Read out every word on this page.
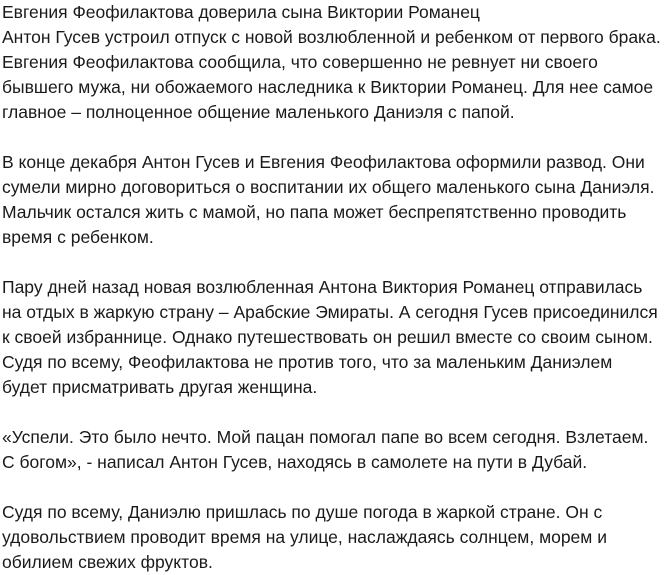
Евгения Феофилактова доверила сына Виктории Романец

Антон Гусев устроил отпуск с новой возлюбленной и ребенком от первого брака. Евгения Феофилактова сообщила, что совершенно не ревнует ни своего бывшего мужа, ни обожаемого наследника к Виктории Романец. Для нее самое главное – полноценное общение маленького Даниэля с папой.

В конце декабря Антон Гусев и Евгения Феофилактова оформили развод. Они сумели мирно договориться о воспитании их общего маленького сына Даниэля. Мальчик остался жить с мамой, но папа может беспрепятственно проводить время с ребенком.

Пару дней назад новая возлюбленная Антона Виктория Романец отправилась на отдых в жаркую страну – Арабские Эмираты. А сегодня Гусев присоединился к своей избраннице. Однако путешествовать он решил вместе со своим сыном. Судя по всему, Феофилактова не против того, что за маленьким Даниэлем будет присматривать другая женщина.

«Успели. Это было нечто. Мой пацан помогал папе во всем сегодня. Взлетаем. С богом», - написал Антон Гусев, находясь в самолете на пути в Дубай.

Судя по всему, Даниэлю пришлась по душе погода в жаркой стране. Он с удовольствием проводит время на улице, наслаждаясь солнцем, морем и обилием свежих фруктов.
